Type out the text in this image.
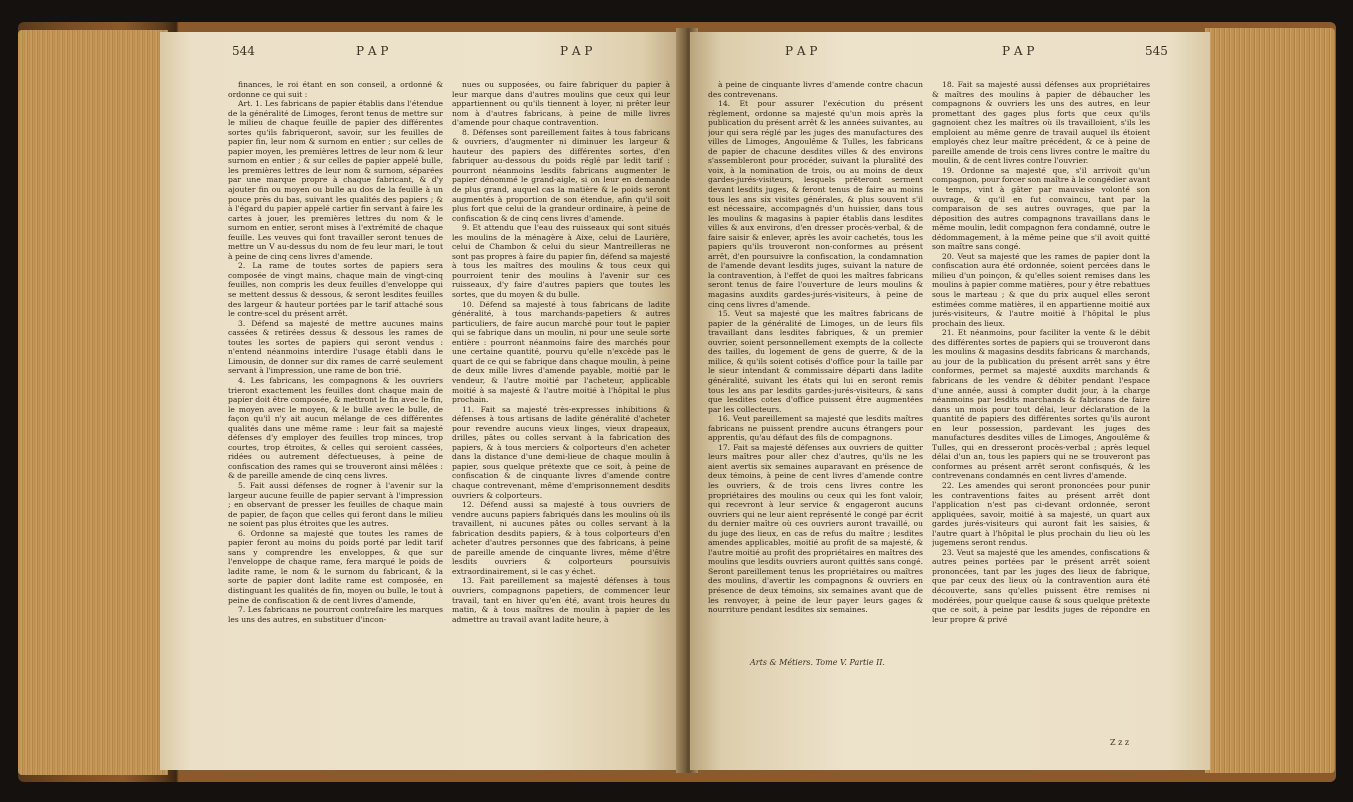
544	P A P	P A P

finances, le roi étant en son conseil, a ordonné & ordonne ce qui suit :

Art. 1. Les fabricans de papier établis dans l'étendue de la généralité de Limoges, feront tenus de mettre sur le milieu de chaque feuille de papier des différentes sortes qu'ils fabriqueront, savoir, sur les feuilles de papier fin, leur nom & surnom en entier ; sur celles de papier moyen, les premières lettres de leur nom & leur surnom en entier ; & sur celles de papier appelé bulle, les premières lettres de leur nom & surnom, séparées par une marque propre à chaque fabricant, & d'y ajouter fin ou moyen ou bulle au dos de la feuille à un pouce près du bas, suivant les qualités des papiers ; & à l'égard du papier appelé cartier fin servant à faire les cartes à jouer, les premières lettres du nom & le surnom en entier, seront mises à l'extrémité de chaque feuille. Les veuves qui font travailler seront tenues de mettre un V au-dessus du nom de feu leur mari, le tout à peine de cinq cens livres d'amende.

2. La rame de toutes sortes de papiers sera composée de vingt mains, chaque main de vingt-cinq feuilles, non compris les deux feuilles d'enveloppe qui se mettent dessus & dessous, & seront lesdites feuilles des largeur & hauteur portées par le tarif attaché sous le contre-scel du présent arrêt.

3. Défend sa majesté de mettre aucunes mains cassées & retirées dessus & dessous les rames de toutes les sortes de papiers qui seront vendus : n'entend néanmoins interdire l'usage établi dans le Limousin, de donner sur dix rames de carré seulement servant à l'impression, une rame de bon trié.

4. Les fabricans, les compagnons & les ouvriers trieront exactement les feuilles dont chaque main de papier doit être composée, & mettront le fin avec le fin, le moyen avec le moyen, & le bulle avec le bulle, de façon qu'il n'y ait aucun mélange de ces différentes qualités dans une même rame : leur fait sa majesté défenses d'y employer des feuilles trop minces, trop courtes, trop étroites, & celles qui seroient cassées, ridées ou autrement défectueuses, à peine de confiscation des rames qui se trouveront ainsi mêlées : & de pareille amende de cinq cens livres.

5. Fait aussi défenses de rogner à l'avenir sur la largeur aucune feuille de papier servant à l'impression ; en observant de presser les feuilles de chaque main de papier, de façon que celles qui feront dans le milieu ne soient pas plus étroites que les autres.

6. Ordonne sa majesté que toutes les rames de papier feront au moins du poids porté par ledit tarif sans y comprendre les enveloppes, & que sur l'enveloppe de chaque rame, fera marqué le poids de ladite rame, le nom & le surnom du fabricant, & la sorte de papier dont ladite rame est composée, en distinguant les qualités de fin, moyen ou bulle, le tout à peine de confiscation & de cent livres d'amende,

7. Les fabricans ne pourront contrefaire les marques les uns des autres, en substituer d'incon-

nues ou supposées, ou faire fabriquer du papier à leur marque dans d'autres moulins que ceux qui leur appartiennent ou qu'ils tiennent à loyer, ni prêter leur nom à d'autres fabricans, à peine de mille livres d'amende pour chaque contravention.

8. Défenses sont pareillement faites à tous fabricans & ouvriers, d'augmenter ni diminuer les largeur & hauteur des papiers des différentes sortes, d'en fabriquer au-dessous du poids réglé par ledit tarif : pourront néanmoins lesdits fabricans augmenter le papier dénommé le grand-aigle, si on leur en demande de plus grand, auquel cas la matière & le poids seront augmentés à proportion de son étendue, afin qu'il soit plus fort que celui de la grandeur ordinaire, à peine de confiscation & de cinq cens livres d'amende.

9. Et attendu que l'eau des ruisseaux qui sont situés les moulins de la ménagère à Aixe, celui de Laurière, celui de Chambon & celui du sieur Mantreilleras ne sont pas propres à faire du papier fin, défend sa majesté à tous les maîtres des moulins & tous ceux qui pourroient tenir des moulins à l'avenir sur ces ruisseaux, d'y faire d'autres papiers que toutes les sortes, que du moyen & du bulle.

10. Défend sa majesté à tous fabricans de ladite généralité, à tous marchands-papetiers & autres particuliers, de faire aucun marché pour tout le papier qui se fabrique dans un moulin, ni pour une seule sorte entière : pourront néanmoins faire des marchés pour une certaine quantité, pourvu qu'elle n'excède pas le quart de ce qui se fabrique dans chaque moulin, à peine de deux mille livres d'amende payable, moitié par le vendeur, & l'autre moitié par l'acheteur, applicable moitié à sa majesté & l'autre moitié à l'hôpital le plus prochain.

11. Fait sa majesté très-expresses inhibitions & défenses à tous artisans de ladite généralité d'acheter pour revendre aucuns vieux linges, vieux drapeaux, drilles, pâtes ou colles servant à la fabrication des papiers, & à tous merciers & colporteurs d'en acheter dans la distance d'une demi-lieue de chaque moulin à papier, sous quelque prétexte que ce soit, à peine de confiscation & de cinquante livres d'amende contre chaque contrevenant, même d'emprisonnement desdits ouvriers & colporteurs.

12. Défend aussi sa majesté à tous ouvriers de vendre aucuns papiers fabriqués dans les moulins où ils travaillent, ni aucunes pâtes ou colles servant à la fabrication desdits papiers, & à tous colporteurs d'en acheter d'autres personnes que des fabricans, à peine de pareille amende de cinquante livres, même d'être lesdits ouvriers & colporteurs poursuivis extraordinairement, si le cas y échet.

13. Fait pareillement sa majesté défenses à tous ouvriers, compagnons papetiers, de commencer leur travail, tant en hiver qu'en été, avant trois heures du matin, & à tous maîtres de moulin à papier de les admettre au travail avant ladite heure, à

P A P	P A P	545

à peine de cinquante livres d'amende contre chacun des contrevenans.

14. Et pour assurer l'exécution du présent règlement, ordonne sa majesté qu'un mois après la publication du présent arrêt & les années suivantes, au jour qui sera réglé par les juges des manufactures des villes de Limoges, Angoulême & Tulles, les fabricans de papier de chacune desdites villes & des environs s'assembleront pour procéder, suivant la pluralité des voix, à la nomination de trois, ou au moins de deux gardes-jurés-visiteurs, lesquels prêteront serment devant lesdits juges, & feront tenus de faire au moins tous les ans six visites générales, & plus souvent s'il est nécessaire, accompagnés d'un huissier, dans tous les moulins & magasins à papier établis dans lesdites villes & aux environs, d'en dresser procès-verbal, & de faire saisir & enlever, après les avoir cachetés, tous les papiers qu'ils trouveront non-conformes au présent arrêt, d'en poursuivre la confiscation, la condamnation de l'amende devant lesdits juges, suivant la nature de la contravention, à l'effet de quoi les maîtres fabricans seront tenus de faire l'ouverture de leurs moulins & magasins auxdits gardes-jurés-visiteurs, à peine de cinq cens livres d'amende.

15. Veut sa majesté que les maîtres fabricans de papier de la généralité de Limoges, un de leurs fils travaillant dans lesdites fabriques, & un premier ouvrier, soient personnellement exempts de la collecte des tailles, du logement de gens de guerre, & de la milice, & qu'ils soient cotisés d'office pour la taille par le sieur intendant & commissaire départi dans ladite généralité, suivant les états qui lui en seront remis tous les ans par lesdits gardes-jurés-visiteurs, & sans que lesdites cotes d'office puissent être augmentées par les collecteurs.

16. Veut pareillement sa majesté que lesdits maîtres fabricans ne puissent prendre aucuns étrangers pour apprentis, qu'au défaut des fils de compagnons.

17. Fait sa majesté défenses aux ouvriers de quitter leurs maîtres pour aller chez d'autres, qu'ils ne les aient avertis six semaines auparavant en présence de deux témoins, à peine de cent livres d'amende contre les ouvriers, & de trois cens livres contre les propriétaires des moulins ou ceux qui les font valoir, qui recevront à leur service & engageront aucuns ouvriers qui ne leur aient représenté le congé par écrit du dernier maître où ces ouvriers auront travaillé, ou du juge des lieux, en cas de refus du maître ; lesdites amendes applicables, moitié au profit de sa majesté, & l'autre moitié au profit des propriétaires en maîtres des moulins que lesdits ouvriers auront quittés sans congé. Seront pareillement tenus les propriétaires ou maîtres des moulins, d'avertir les compagnons & ouvriers en présence de deux témoins, six semaines avant que de les renvoyer, à peine de leur payer leurs gages & nourriture pendant lesdites six semaines.

18. Fait sa majesté aussi défenses aux propriétaires & maîtres des moulins à papier de débaucher les compagnons & ouvriers les uns des autres, en leur promettant des gages plus forts que ceux qu'ils gagnoient chez les maîtres où ils travailloient, s'ils les emploient au même genre de travail auquel ils étoient employés chez leur maître précédent, & ce à peine de pareille amende de trois cens livres contre le maître du moulin, & de cent livres contre l'ouvrier.

19. Ordonne sa majesté que, s'il arrivoit qu'un compagnon, pour forcer son maître à le congédier avant le temps, vint à gâter par mauvaise volonté son ouvrage, & qu'il en fut convaincu, tant par la comparaison de ses autres ouvrages, que par la déposition des autres compagnons travaillans dans le même moulin, ledit compagnon fera condamné, outre le dédommagement, à la même peine que s'il avoit quitté son maître sans congé.

20. Veut sa majesté que les rames de papier dont la confiscation aura été ordonnée, soient percées dans le milieu d'un poinçon, & qu'elles soient remises dans les moulins à papier comme matières, pour y être rebattues sous le marteau ; & que du prix auquel elles seront estimées comme matières, il en appartienne moitié aux jurés-visiteurs, & l'autre moitié à l'hôpital le plus prochain des lieux.

21. Et néanmoins, pour faciliter la vente & le débit des différentes sortes de papiers qui se trouveront dans les moulins & magasins desdits fabricans & marchands, au jour de la publication du présent arrêt sans y être conformes, permet sa majesté auxdits marchands & fabricans de les vendre & débiter pendant l'espace d'une année, aussi à compter dudit jour, à la charge néanmoins par lesdits marchands & fabricans de faire dans un mois pour tout délai, leur déclaration de la quantité de papiers des différentes sortes qu'ils auront en leur possession, pardevant les juges des manufactures desdites villes de Limoges, Angoulême & Tulles, qui en dresseront procès-verbal ; après lequel délai d'un an, tous les papiers qui ne se trouveront pas conformes au présent arrêt seront confisqués, & les contrevenans condamnés en cent livres d'amende.

22. Les amendes qui seront prononcées pour punir les contraventions faites au présent arrêt dont l'application n'est pas ci-devant ordonnée, seront appliquées, savoir, moitié à sa majesté, un quart aux gardes jurés-visiteurs qui auront fait les saisies, & l'autre quart à l'hôpital le plus prochain du lieu où les jugemens seront rendus.

23. Veut sa majesté que les amendes, confiscations & autres peines portées par le présent arrêt soient prononcées, tant par les juges des lieux de fabrique, que par ceux des lieux où la contravention aura été découverte, sans qu'elles puissent être remises ni modérées, pour quelque cause & sous quelque prétexte que ce soit, à peine par lesdits juges de répondre en leur propre & privé

Arts & Métiers. Tome V. Partie II.
Z z z
